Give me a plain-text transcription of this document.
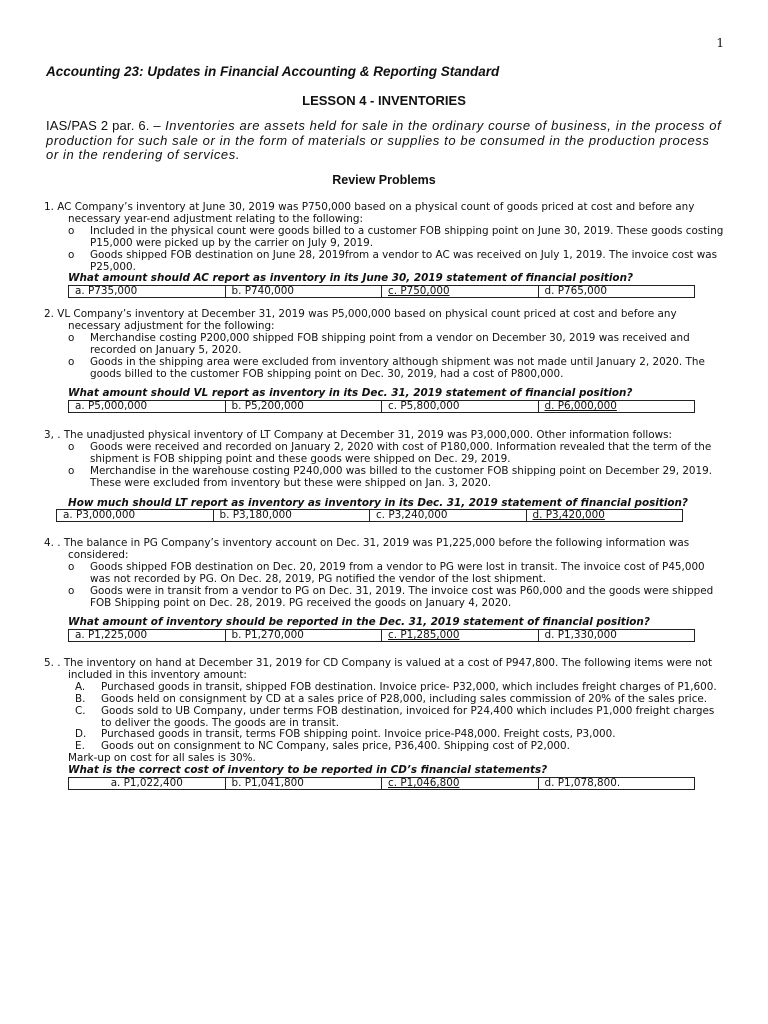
1
Accounting 23: Updates in Financial Accounting & Reporting Standard
LESSON 4 - INVENTORIES
IAS/PAS 2 par. 6. – Inventories are assets held for sale in the ordinary course of business, in the process of production for such sale or in the form of materials or supplies to be consumed in the production process or in the rendering of services.
Review Problems
1. AC Company’s inventory at June 30, 2019 was P750,000 based on a physical count of goods priced at cost and before any necessary year-end adjustment relating to the following:
o Included in the physical count were goods billed to a customer FOB shipping point on June 30, 2019. These goods costing P15,000 were picked up by the carrier on July 9, 2019.
o Goods shipped FOB destination on June 28, 2019from a vendor to AC was received on July 1, 2019. The invoice cost was P25,000.
What amount should AC report as inventory in its June 30, 2019 statement of financial position?
a. P735,000	b. P740,000	c. P750,000	d. P765,000
2. VL Company’s inventory at December 31, 2019 was P5,000,000 based on physical count priced at cost and before any necessary adjustment for the following:
o Merchandise costing P200,000 shipped FOB shipping point from a vendor on December 30, 2019 was received and recorded on January 5, 2020.
o Goods in the shipping area were excluded from inventory although shipment was not made until January 2, 2020. The goods billed to the customer FOB shipping point on Dec. 30, 2019, had a cost of P800,000.
What amount should VL report as inventory in its Dec. 31, 2019 statement of financial position?
a. P5,000,000	b. P5,200,000	c. P5,800,000	d. P6,000,000
3, . The unadjusted physical inventory of LT Company at December 31, 2019 was P3,000,000. Other information follows:
o Goods were received and recorded on January 2, 2020 with cost of P180,000. Information revealed that the term of the shipment is FOB shipping point and these goods were shipped on Dec. 29, 2019.
o Merchandise in the warehouse costing P240,000 was billed to the customer FOB shipping point on December 29, 2019. These were excluded from inventory but these were shipped on Jan. 3, 2020.
How much should LT report as inventory as inventory in its Dec. 31, 2019 statement of financial position?
a. P3,000,000	b. P3,180,000	c. P3,240,000	d. P3,420,000
4. . The balance in PG Company’s inventory account on Dec. 31, 2019 was P1,225,000 before the following information was considered:
o Goods shipped FOB destination on Dec. 20, 2019 from a vendor to PG were lost in transit. The invoice cost of P45,000 was not recorded by PG. On Dec. 28, 2019, PG notified the vendor of the lost shipment.
o Goods were in transit from a vendor to PG on Dec. 31, 2019. The invoice cost was P60,000 and the goods were shipped FOB Shipping point on Dec. 28, 2019. PG received the goods on January 4, 2020.
What amount of inventory should be reported in the Dec. 31, 2019 statement of financial position?
a. P1,225,000	b. P1,270,000	c. P1,285,000	d. P1,330,000
5. . The inventory on hand at December 31, 2019 for CD Company is valued at a cost of P947,800. The following items were not included in this inventory amount:
A. Purchased goods in transit, shipped FOB destination. Invoice price- P32,000, which includes freight charges of P1,600.
B. Goods held on consignment by CD at a sales price of P28,000, including sales commission of 20% of the sales price.
C. Goods sold to UB Company, under terms FOB destination, invoiced for P24,400 which includes P1,000 freight charges to deliver the goods. The goods are in transit.
D. Purchased goods in transit, terms FOB shipping point. Invoice price-P48,000. Freight costs, P3,000.
E. Goods out on consignment to NC Company, sales price, P36,400. Shipping cost of P2,000.
Mark-up on cost for all sales is 30%.
What is the correct cost of inventory to be reported in CD’s financial statements?
a. P1,022,400	b. P1,041,800	c. P1,046,800	d. P1,078,800.
